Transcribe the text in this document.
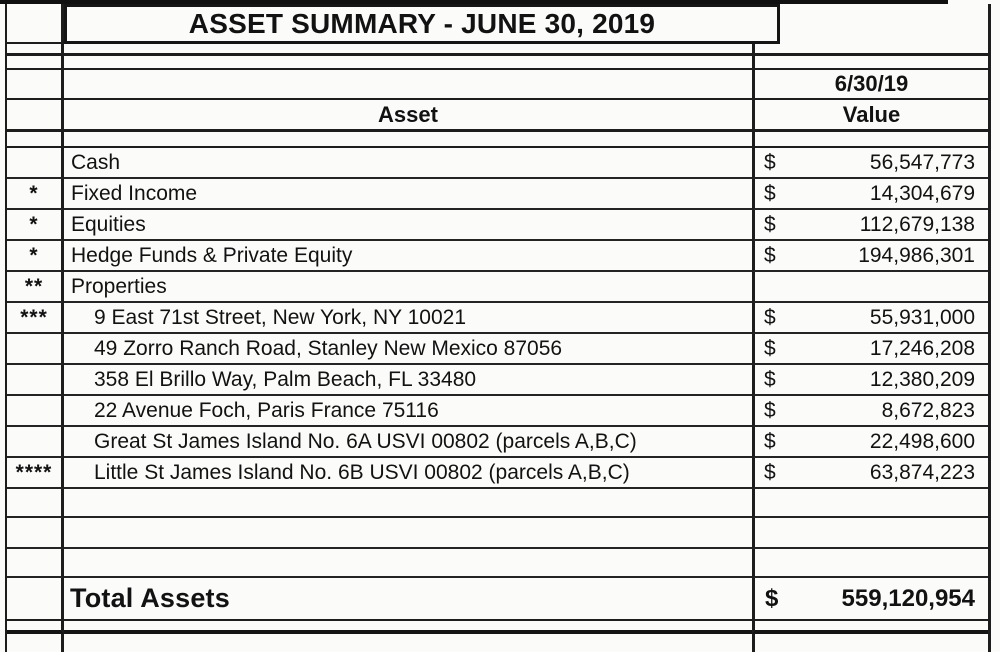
ASSET SUMMARY - JUNE 30, 2019
6/30/19
Asset	Value
Cash	$	56,547,773
*	Fixed Income	$	14,304,679
*	Equities	$	112,679,138
*	Hedge Funds & Private Equity	$	194,986,301
**	Properties
***	9 East 71st Street, New York, NY 10021	$	55,931,000
49 Zorro Ranch Road, Stanley New Mexico 87056	$	17,246,208
358 El Brillo Way, Palm Beach, FL 33480	$	12,380,209
22 Avenue Foch, Paris France 75116	$	8,672,823
Great St James Island No. 6A USVI 00802 (parcels A,B,C)	$	22,498,600
****	Little St James Island No. 6B USVI 00802 (parcels A,B,C)	$	63,874,223
Total Assets	$	559,120,954
